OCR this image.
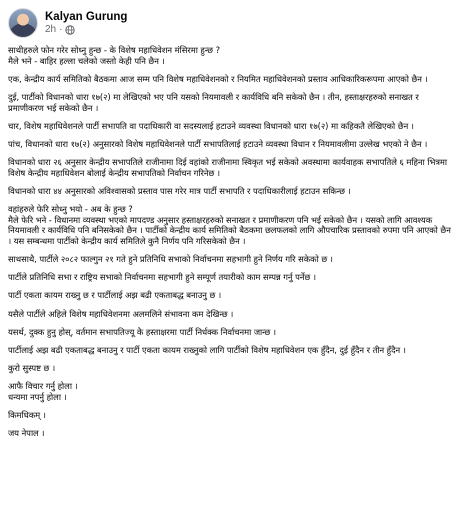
Kalyan Gurung
2h ·

साथीहरुले फोन गरेर सोध्नु हुन्छ - के विशेष महाधिवेशन मंसिरमा हुन्छ ?
मैले भने - बाहिर हल्ला चलेको जस्तो केही पनि छैन ।

एक, केन्द्रीय कार्य समितिको बैठकमा आज सम्म पनि विशेष महाधिवेशनको र नियमित महाधिवेशनको प्रस्ताव आधिकारिकरूपमा आएको छैन ।

दुई, पार्टीको विधानको धारा १७(२) मा लेखिएको भए पनि यसको नियमावली र कार्यविधि बनि सकेको छैन । तीन, हस्ताक्षरहरुको सनाखत र प्रमाणीकरण भई सकेको छैन ।

चार, विशेष महाधिवेशनले पार्टी सभापति वा पदाधिकारी वा सदस्यलाई हटाउने व्यवस्था विधानको धारा १७(२) मा कहिकतै लेखिएको छैन ।

पांच, विधानको धारा १७(२) अनुसारको विशेष महाधिवेशनले पार्टी सभापतिलाई हटाउने व्यवस्था विधान र नियमावलीमा उल्लेख भएको ने छैन ।

विधानको धारा २६ अनुसार केन्द्रीय सभापतिले राजीनामा दिई वहांको राजीनामा स्विकृत भई सकेको अवस्थामा कार्यवाहक सभापतिले ६ महिना भित्रमा विशेष केन्द्रीय महाधिवेशन बोलाई केन्द्रीय सभापतिको निर्वाचन गरिनेछ ।

विधानको धारा ४४ अनुसारको अविश्वासको प्रस्ताव पास गरेर मात्र पार्टी सभापति र पदाधिकारीलाई हटाउन सकिन्छ ।

वहांहरुले फेरि सोध्नु भयो - अब के हुन्छ ?
मैले फेरि भने - विधानमा व्यवस्था भएको मापदण्ड अनुसार हस्ताक्षरहरुको सनाखत र प्रमाणीकरण पनि भई सकेको छैन । यसको लागि आवश्यक नियमावली र कार्यविधि पनि बनिसकेको छैन । पार्टीको केन्द्रीय कार्य समितिको बैठकमा छलफलको लागि औपचारिक प्रस्तावको रुपमा पनि आएको छैन । यस सम्बन्धमा पार्टीको केन्द्रीय कार्य समितिले कुनै निर्णय पनि गरिसकेको छैन ।

साथसाथै, पार्टीले २०८२ फाल्गुन २१ गते हुने प्रतिनिधि सभाको निर्वाचनमा सहभागी हुने निर्णय गरि सकेको छ ।

पार्टीले प्रतिनिधि सभा र राष्ट्रिय सभाको निर्वाचनमा सहभागी हुने सम्पूर्ण तयारीको काम सम्पन्न गर्नु पर्नेछ ।

पार्टी एकता कायम राख्नु छ र पार्टीलाई अझ बढी एकताबद्ध बनाउनु छ ।

यसैले पार्टीले अहिले विशेष महाधिवेशनमा अलमलिने संभावना कम देखिन्छ ।

यसर्थ, दुक्क हुनु होस्, वर्तमान सभापतिज्यू केे हस्ताक्षरमा पार्टी निर्धक्क निर्वाचनमा जान्छ ।

पार्टीलाई अझ बढी एकताबद्ध बनाउनु र पार्टी एकता कायम राख्नुको लागि पार्टीको विशेष महाधिवेशन एक हुँदैन, दुई हुँदैन र तीन हुँदैन ।

कुरो सुस्पष्ट छ ।

आफै विचार गर्नु होला ।
धन्यमा नपर्नु होला ।

किमधिकम् ।

जय नेपाल ।
